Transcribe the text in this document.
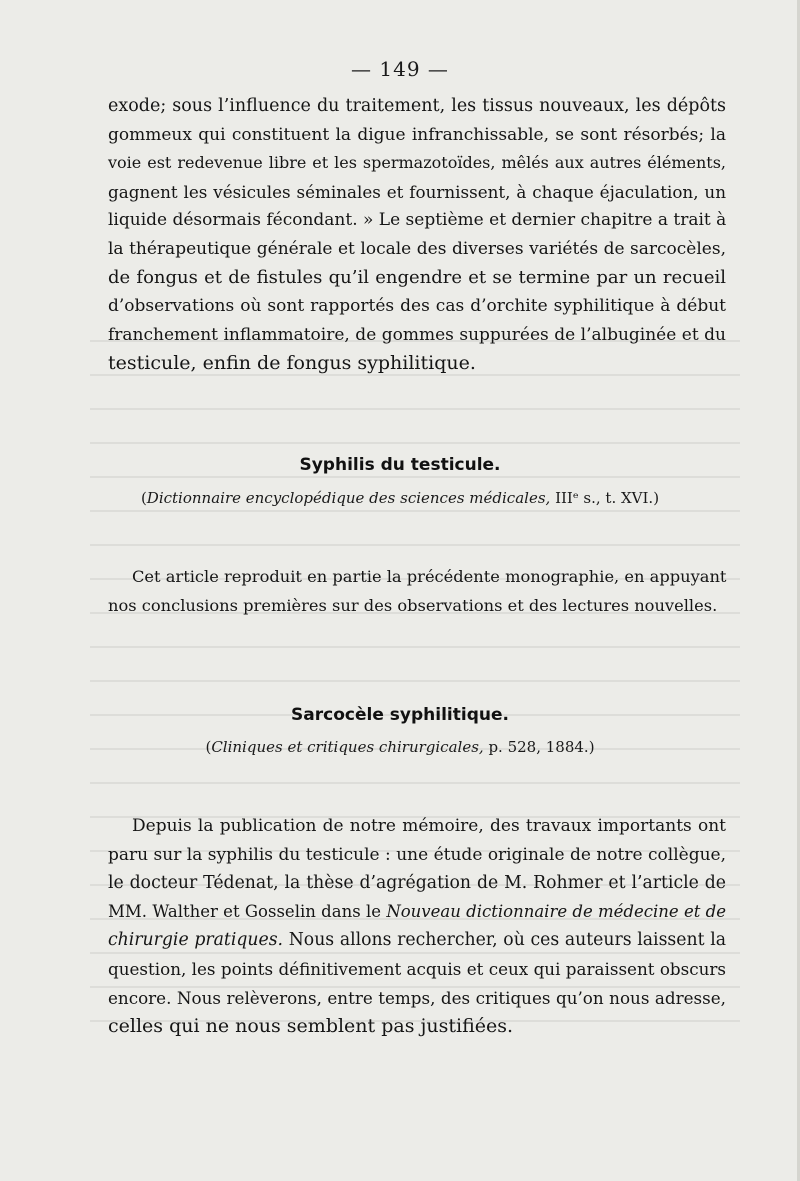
— 149 —
exode; sous l’influence du traitement, les tissus nouveaux, les dépôts
gommeux qui constituent la digue infranchissable, se sont résorbés; la
voie est redevenue libre et les spermazotoïdes, mêlés aux autres éléments,
gagnent les vésicules séminales et fournissent, à chaque éjaculation, un
liquide désormais fécondant. » Le septième et dernier chapitre a trait à
la thérapeutique générale et locale des diverses variétés de sarcocèles,
de fongus et de fistules qu’il engendre et se termine par un recueil
d’observations où sont rapportés des cas d’orchite syphilitique à début
franchement inflammatoire, de gommes suppurées de l’albuginée et du
testicule, enfin de fongus syphilitique.
Syphilis du testicule.
(Dictionnaire encyclopédique des sciences médicales, IIIᵉ s., t. XVI.)
Cet article reproduit en partie la précédente monographie, en appuyant
nos conclusions premières sur des observations et des lectures nouvelles.
Sarcocèle syphilitique.
(Cliniques et critiques chirurgicales, p. 528, 1884.)
Depuis la publication de notre mémoire, des travaux importants ont
paru sur la syphilis du testicule : une étude originale de notre collègue,
le docteur Tédenat, la thèse d’agrégation de M. Rohmer et l’article de
MM. Walther et Gosselin dans le Nouveau dictionnaire de médecine et de
chirurgie pratiques. Nous allons rechercher, où ces auteurs laissent la
question, les points définitivement acquis et ceux qui paraissent obscurs
encore. Nous relèverons, entre temps, des critiques qu’on nous adresse,
celles qui ne nous semblent pas justifiées.
